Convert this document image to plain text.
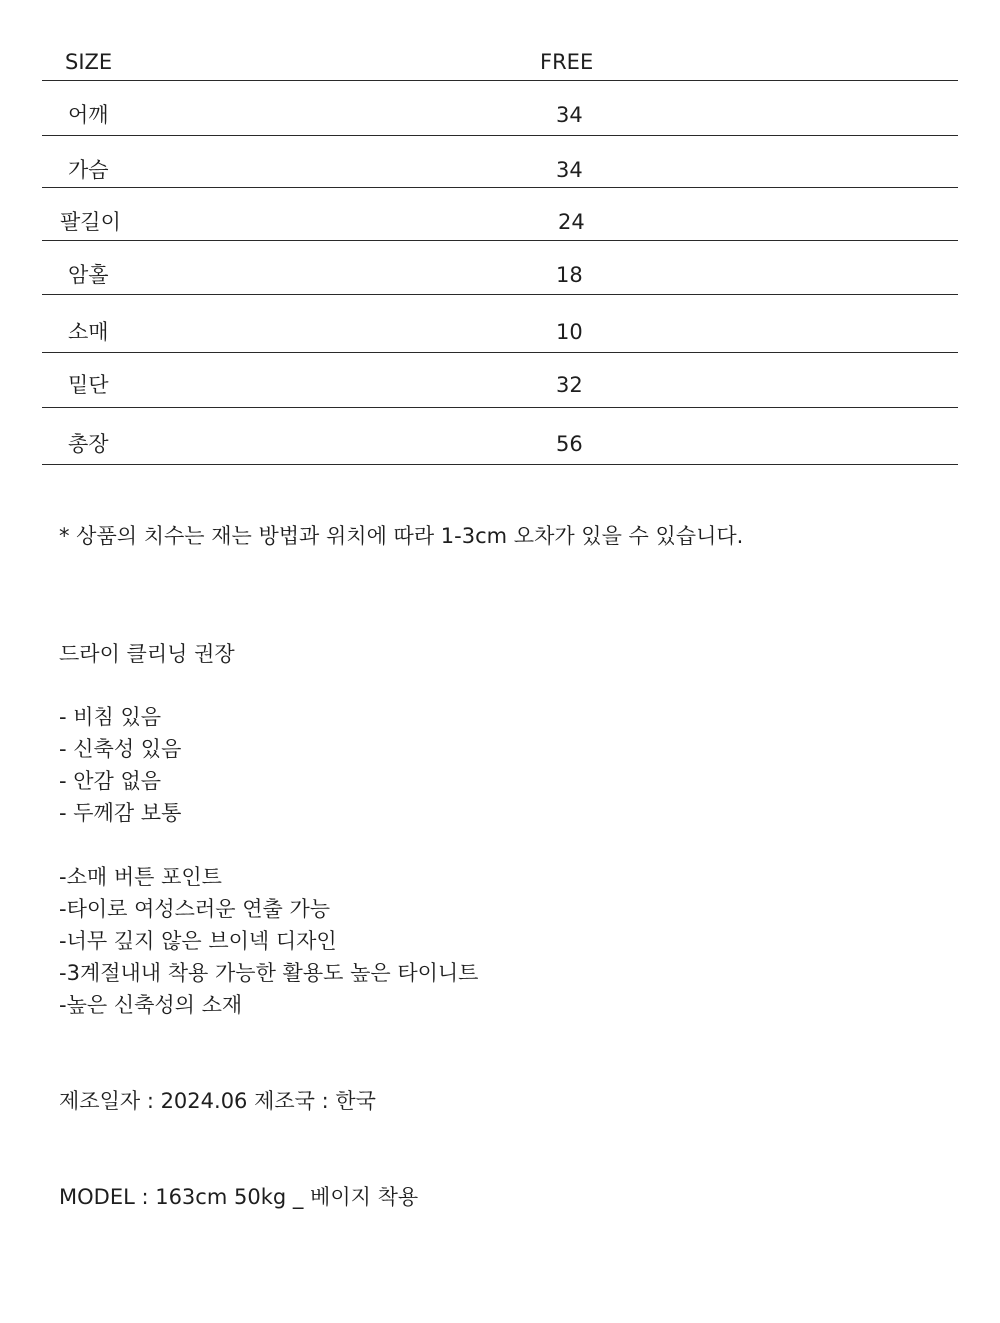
SIZE	FREE
어깨	34
가슴	34
팔길이	24
암홀	18
소매	10
밑단	32
총장	56
* 상품의 치수는 재는 방법과 위치에 따라 1-3cm 오차가 있을 수 있습니다.
드라이 클리닝 권장
- 비침 있음
- 신축성 있음
- 안감 없음
- 두께감 보통
-소매 버튼 포인트
-타이로 여성스러운 연출 가능
-너무 깊지 않은 브이넥 디자인
-3계절내내 착용 가능한 활용도 높은 타이니트
-높은 신축성의 소재
제조일자 : 2024.06 제조국 : 한국
MODEL : 163cm 50kg _ 베이지 착용
